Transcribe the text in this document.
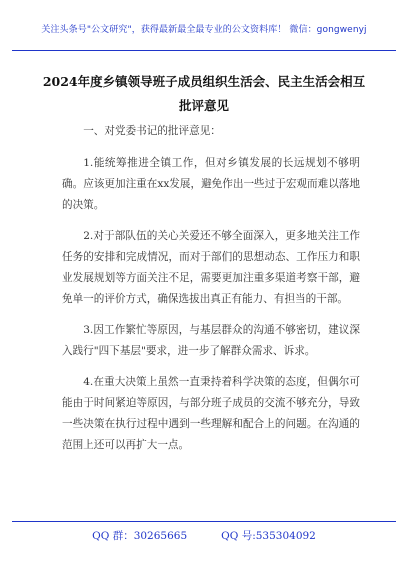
关注头条号"公文研究"，获得最新最全最专业的公文资料库！ 微信：gongwenyj
2024年度乡镇领导班子成员组织生活会、民主生活会相互批评意见

一、对党委书记的批评意见：

1.能统筹推进全镇工作，但对乡镇发展的长远规划不够明确。应该更加注重在xx发展，避免作出一些过于宏观而难以落地的决策。

2.对于部队伍的关心关爱还不够全面深入，更多地关注工作任务的安排和完成情况，而对于部们的思想动态、工作压力和职业发展规划等方面关注不足，需要更加注重多渠道考察干部，避免单一的评价方式，确保选拔出真正有能力、有担当的干部。

3.因工作繁忙等原因，与基层群众的沟通不够密切，建议深入践行"四下基层"要求，进一步了解群众需求、诉求。

4.在重大决策上虽然一直秉持着科学决策的态度，但偶尔可能由于时间紧迫等原因，与部分班子成员的交流不够充分，导致一些决策在执行过程中遇到一些理解和配合上的问题。在沟通的范围上还可以再扩大一点。

QQ 群：30265665	QQ 号:535304092
